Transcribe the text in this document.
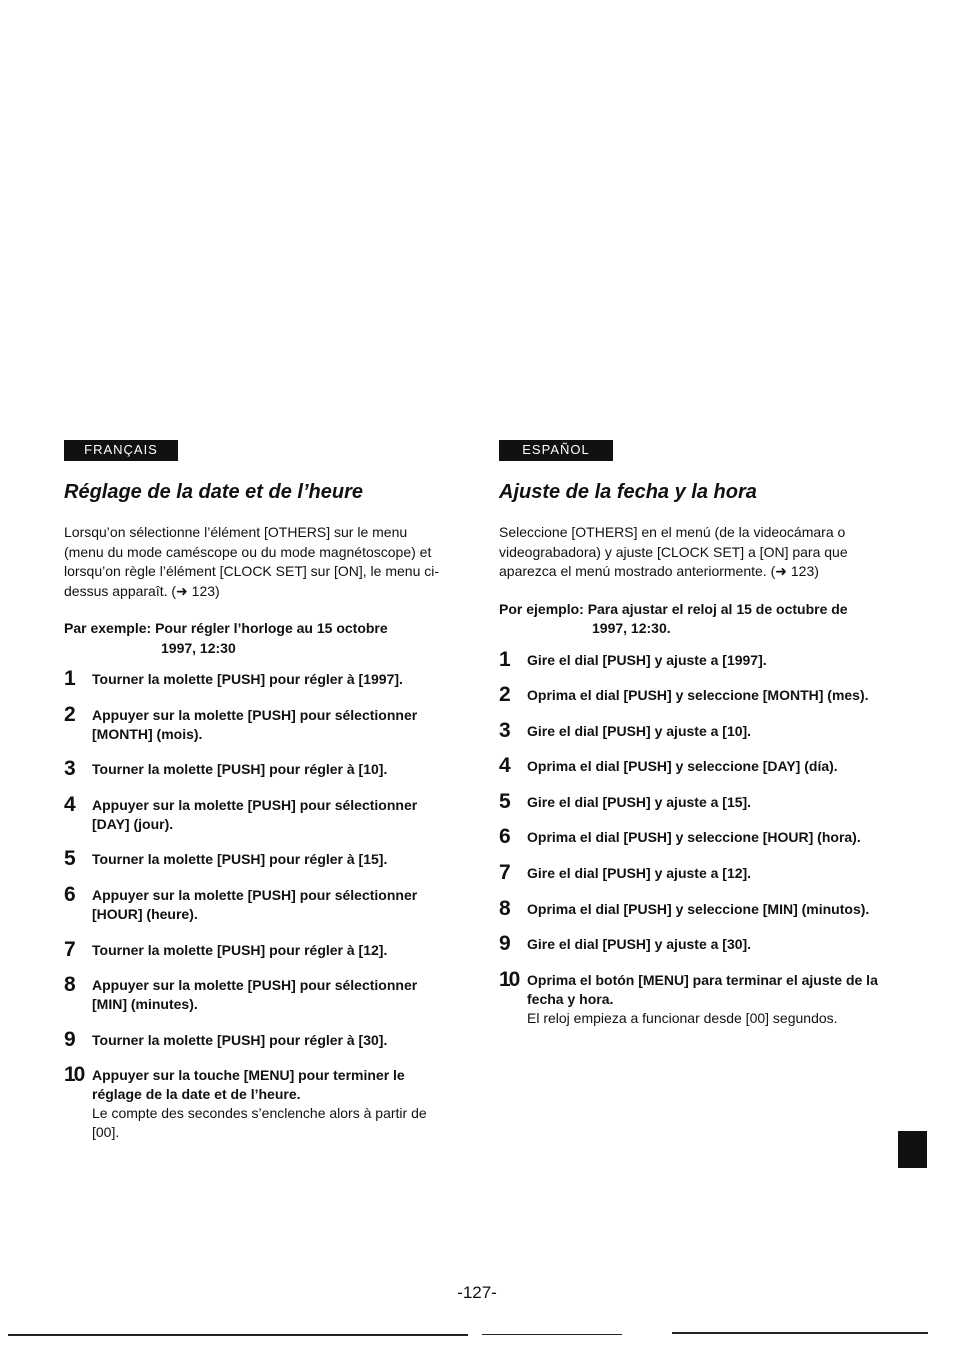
FRANÇAIS
Réglage de la date et de l’heure

Lorsqu’on sélectionne l’élément [OTHERS] sur le menu (menu du mode caméscope ou du mode magnétoscope) et lorsqu’on règle l’élément [CLOCK SET] sur [ON], le menu ci-dessus apparaît. (➜ 123)

Par exemple: Pour régler l’horloge au 15 octobre
1997, 12:30
1 Tourner la molette [PUSH] pour régler à [1997].
2 Appuyer sur la molette [PUSH] pour sélectionner [MONTH] (mois).
3 Tourner la molette [PUSH] pour régler à [10].
4 Appuyer sur la molette [PUSH] pour sélectionner [DAY] (jour).
5 Tourner la molette [PUSH] pour régler à [15].
6 Appuyer sur la molette [PUSH] pour sélectionner [HOUR] (heure).
7 Tourner la molette [PUSH] pour régler à [12].
8 Appuyer sur la molette [PUSH] pour sélectionner [MIN] (minutes).
9 Tourner la molette [PUSH] pour régler à [30].
10 Appuyer sur la touche [MENU] pour terminer le réglage de la date et de l’heure.
Le compte des secondes s’enclenche alors à partir de [00].
ESPAÑOL
Ajuste de la fecha y la hora

Seleccione [OTHERS] en el menú (de la videocámara o videograbadora) y ajuste [CLOCK SET] a [ON] para que aparezca el menú mostrado anteriormente. (➜ 123)

Por ejemplo: Para ajustar el reloj al 15 de octubre de
1997, 12:30.
1 Gire el dial [PUSH] y ajuste a [1997].
2 Oprima el dial [PUSH] y seleccione [MONTH] (mes).
3 Gire el dial [PUSH] y ajuste a [10].
4 Oprima el dial [PUSH] y seleccione [DAY] (día).
5 Gire el dial [PUSH] y ajuste a [15].
6 Oprima el dial [PUSH] y seleccione [HOUR] (hora).
7 Gire el dial [PUSH] y ajuste a [12].
8 Oprima el dial [PUSH] y seleccione [MIN] (minutos).
9 Gire el dial [PUSH] y ajuste a [30].
10 Oprima el botón [MENU] para terminar el ajuste de la fecha y hora.
El reloj empieza a funcionar desde [00] segundos.
-127-
